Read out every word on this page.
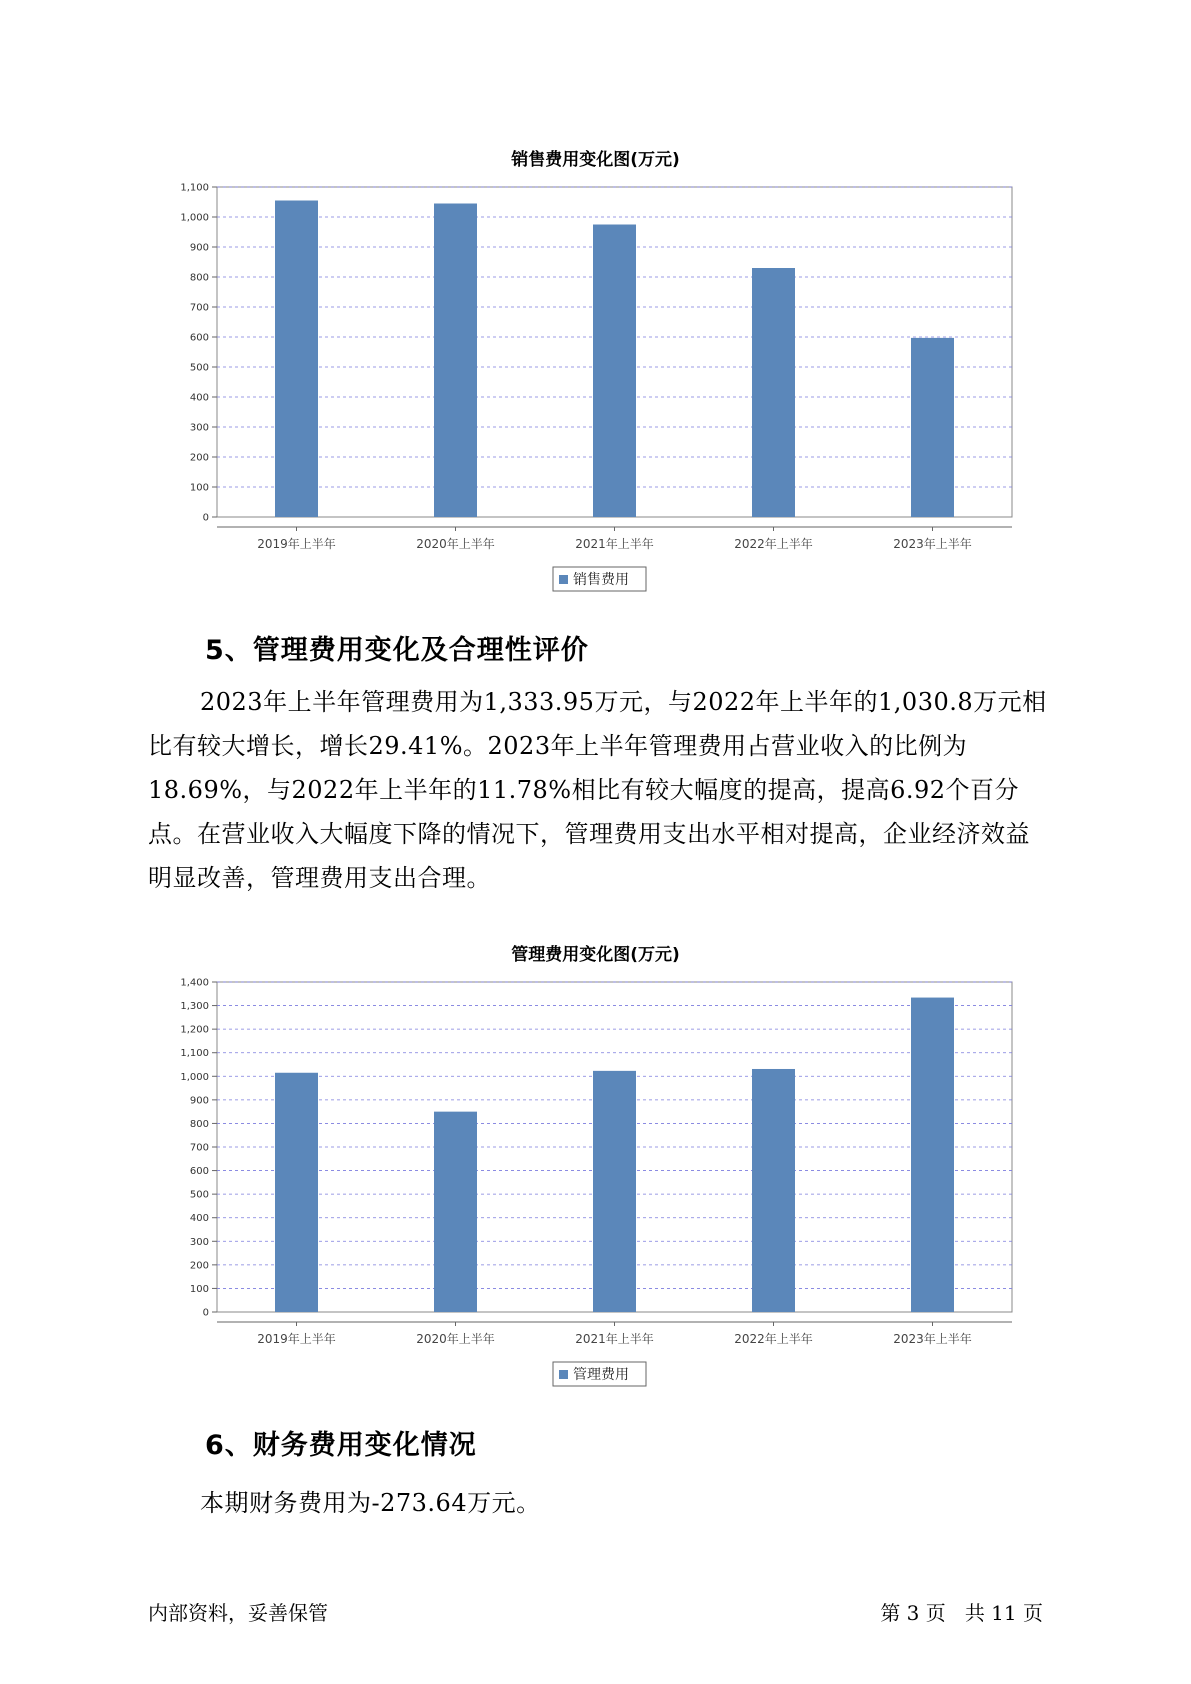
销售费用变化图(万元)
0
100
200
300
400
500
600
700
800
900
1,000
1,100
2019年上半年	2020年上半年	2021年上半年	2022年上半年	2023年上半年
销售费用
5、管理费用变化及合理性评价

2023年上半年管理费用为1,333.95万元，与2022年上半年的1,030.8万元相比有较大增长，增长29.41%。2023年上半年管理费用占营业收入的比例为18.69%，与2022年上半年的11.78%相比有较大幅度的提高，提高6.92个百分点。在营业收入大幅度下降的情况下，管理费用支出水平相对提高，企业经济效益明显改善，管理费用支出合理。

管理费用变化图(万元)
0
100
200
300
400
500
600
700
800
900
1,000
1,100
1,200
1,300
1,400
2019年上半年	2020年上半年	2021年上半年	2022年上半年	2023年上半年
管理费用
6、财务费用变化情况
本期财务费用为-273.64万元。
内部资料，妥善保管	第 3 页   共 11 页
